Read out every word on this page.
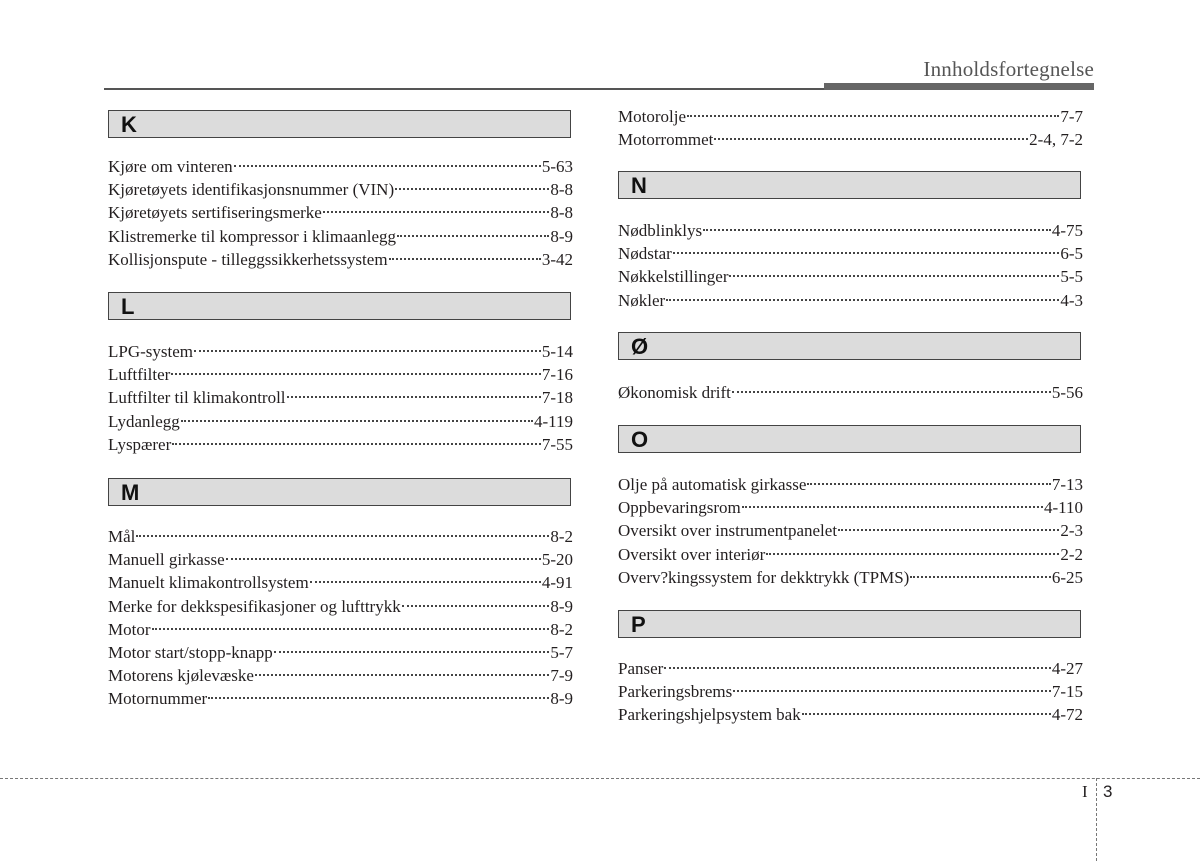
Innholdsfortegnelse
K
Kjøre om vinteren	5-63
Kjøretøyets identifikasjonsnummer (VIN)	8-8
Kjøretøyets sertifiseringsmerke	8-8
Klistremerke til kompressor i klimaanlegg	8-9
Kollisjonspute - tilleggssikkerhetssystem	3-42
L
LPG-system	5-14
Luftfilter	7-16
Luftfilter til klimakontroll	7-18
Lydanlegg	4-119
Lyspærer	7-55
M
Mål	8-2
Manuell girkasse	5-20
Manuelt klimakontrollsystem	4-91
Merke for dekkspesifikasjoner og lufttrykk	8-9
Motor	8-2
Motor start/stopp-knapp	5-7
Motorens kjølevæske	7-9
Motornummer	8-9
Motorolje	7-7
Motorrommet	2-4, 7-2
N
Nødblinklys	4-75
Nødstar	6-5
Nøkkelstillinger	5-5
Nøkler	4-3
Ø
Økonomisk drift	5-56
O
Olje på automatisk girkasse	7-13
Oppbevaringsrom	4-110
Oversikt over instrumentpanelet	2-3
Oversikt over interiør	2-2
Overv?kingssystem for dekktrykk (TPMS)	6-25
P
Panser	4-27
Parkeringsbrems	7-15
Parkeringshjelpsystem bak	4-72
I 3
